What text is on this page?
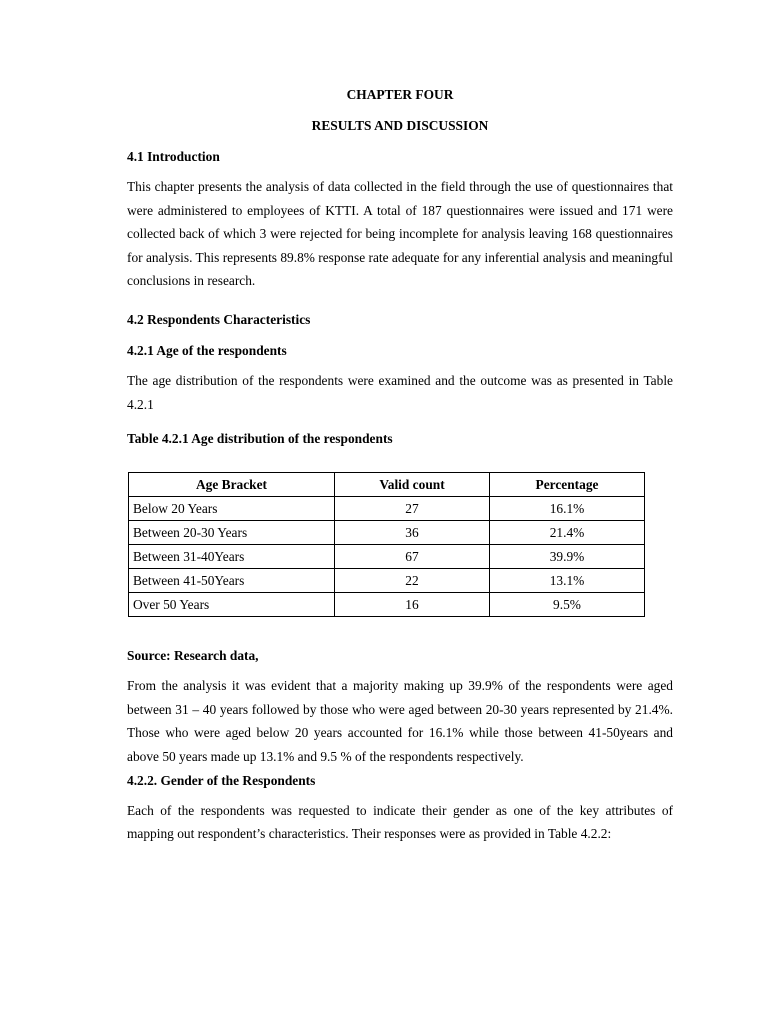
CHAPTER FOUR

RESULTS AND DISCUSSION

4.1 Introduction

This chapter presents the analysis of data collected in the field through the use of questionnaires that were administered to employees of KTTI. A total of 187 questionnaires were issued and 171 were collected back of which 3 were rejected for being incomplete for analysis leaving 168 questionnaires for analysis. This represents 89.8% response rate adequate for any inferential analysis and meaningful conclusions in research.

4.2 Respondents Characteristics

4.2.1 Age of the respondents

The age distribution of the respondents were examined and the outcome was as presented in Table 4.2.1

Table 4.2.1 Age distribution of the respondents

Age Bracket	Valid count	Percentage
Below 20 Years	27	16.1%
Between 20-30 Years	36	21.4%
Between 31-40Years	67	39.9%
Between 41-50Years	22	13.1%
Over 50 Years	16	9.5%

Source: Research data,

From the analysis it was evident that a majority making up 39.9% of the respondents were aged between 31 – 40 years followed by those who were aged between 20-30 years represented by 21.4%. Those who were aged below 20 years accounted for 16.1% while those between 41-50years and above 50 years made up 13.1% and 9.5 % of the respondents respectively.

4.2.2. Gender of the Respondents

Each of the respondents was requested to indicate their gender as one of the key attributes of mapping out respondent’s characteristics. Their responses were as provided in Table 4.2.2:
